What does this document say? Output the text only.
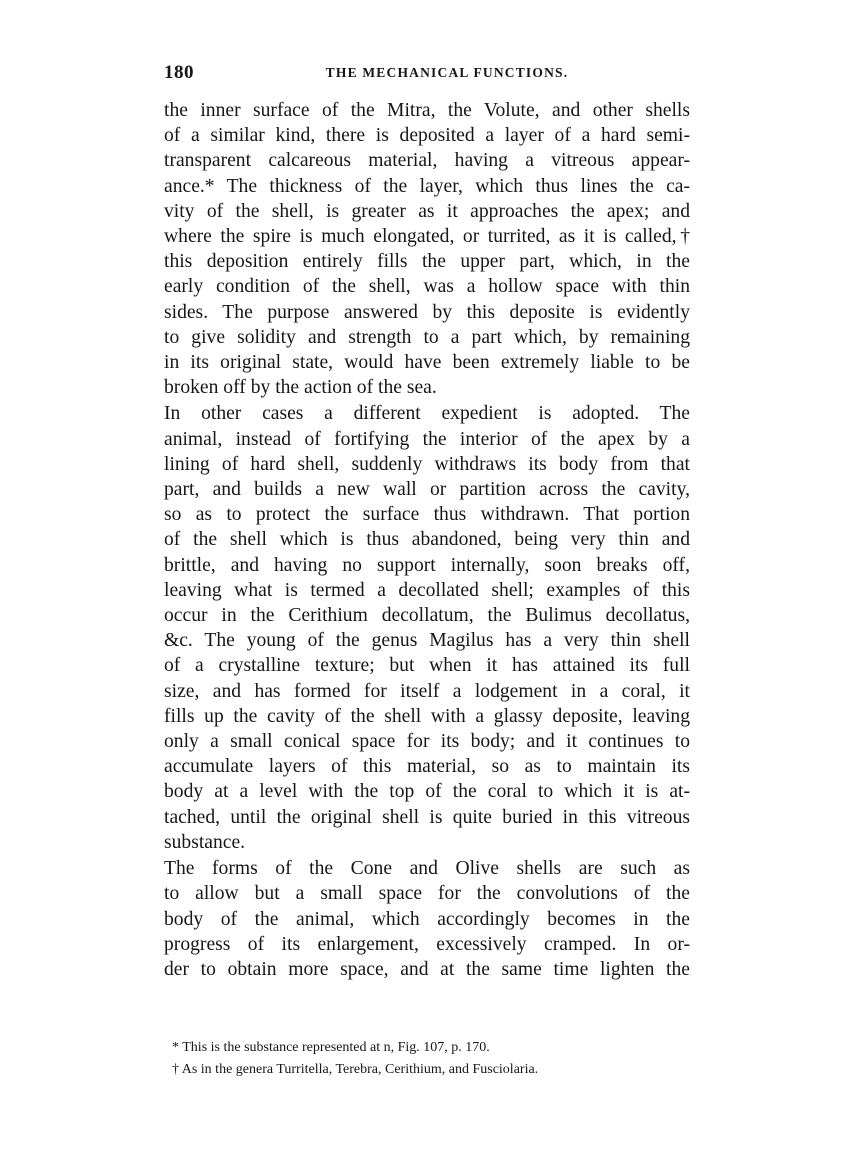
180	THE MECHANICAL FUNCTIONS.

the inner surface of the Mitra, the Volute, and other shells
of a similar kind, there is deposited a layer of a hard semi-
transparent calcareous material, having a vitreous appear-
ance.* The thickness of the layer, which thus lines the ca-
vity of the shell, is greater as it approaches the apex; and
where the spire is much elongated, or turrited, as it is called,†
this deposition entirely fills the upper part, which, in the
early condition of the shell, was a hollow space with thin
sides. The purpose answered by this deposite is evidently
to give solidity and strength to a part which, by remaining
in its original state, would have been extremely liable to be
broken off by the action of the sea.

In other cases a different expedient is adopted. The
animal, instead of fortifying the interior of the apex by a
lining of hard shell, suddenly withdraws its body from that
part, and builds a new wall or partition across the cavity,
so as to protect the surface thus withdrawn. That portion
of the shell which is thus abandoned, being very thin and
brittle, and having no support internally, soon breaks off,
leaving what is termed a decollated shell; examples of this
occur in the Cerithium decollatum, the Bulimus decollatus,
&c. The young of the genus Magilus has a very thin shell
of a crystalline texture; but when it has attained its full
size, and has formed for itself a lodgement in a coral, it
fills up the cavity of the shell with a glassy deposite, leaving
only a small conical space for its body; and it continues to
accumulate layers of this material, so as to maintain its
body at a level with the top of the coral to which it is at-
tached, until the original shell is quite buried in this vitreous
substance.

The forms of the Cone and Olive shells are such as
to allow but a small space for the convolutions of the
body of the animal, which accordingly becomes in the
progress of its enlargement, excessively cramped. In or-
der to obtain more space, and at the same time lighten the

* This is the substance represented at n, Fig. 107, p. 170.
† As in the genera Turritella, Terebra, Cerithium, and Fusciolaria.
